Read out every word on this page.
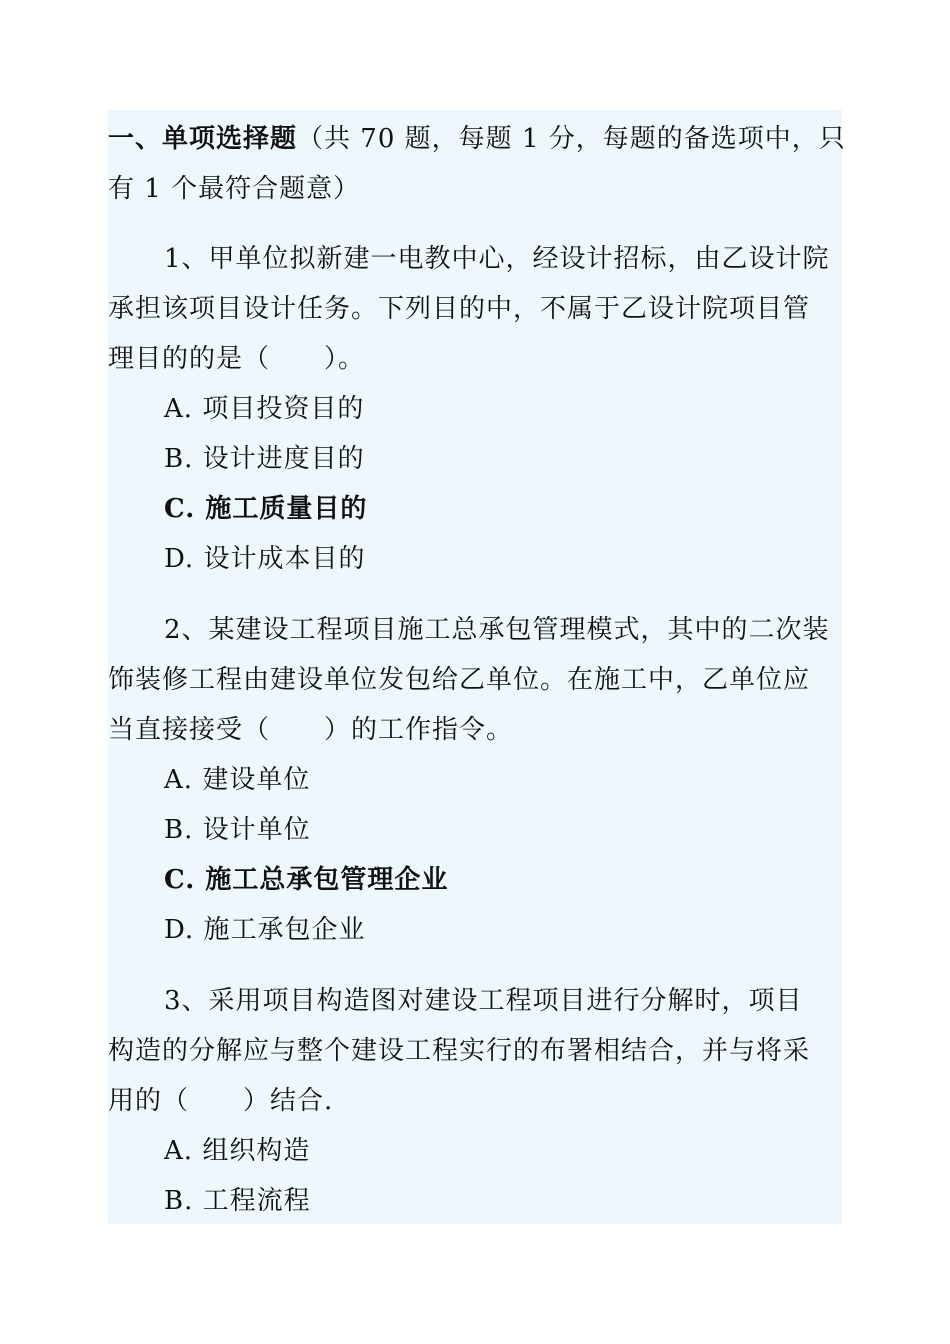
一、单项选择题（共 70 题，每题 1 分，每题的备选项中，只
有 1 个最符合题意）
1、甲单位拟新建一电教中心，经设计招标，由乙设计院
承担该项目设计任务。下列目的中，不属于乙设计院项目管
理目的的是（　　）。
A. 项目投资目的
B. 设计进度目的
C. 施工质量目的
D. 设计成本目的
2、某建设工程项目施工总承包管理模式，其中的二次装
饰装修工程由建设单位发包给乙单位。在施工中，乙单位应
当直接接受（　　）的工作指令。
A. 建设单位
B. 设计单位
C. 施工总承包管理企业
D. 施工承包企业
3、采用项目构造图对建设工程项目进行分解时，项目
构造的分解应与整个建设工程实行的布署相结合，并与将采
用的（　　）结合.
A. 组织构造
B. 工程流程
